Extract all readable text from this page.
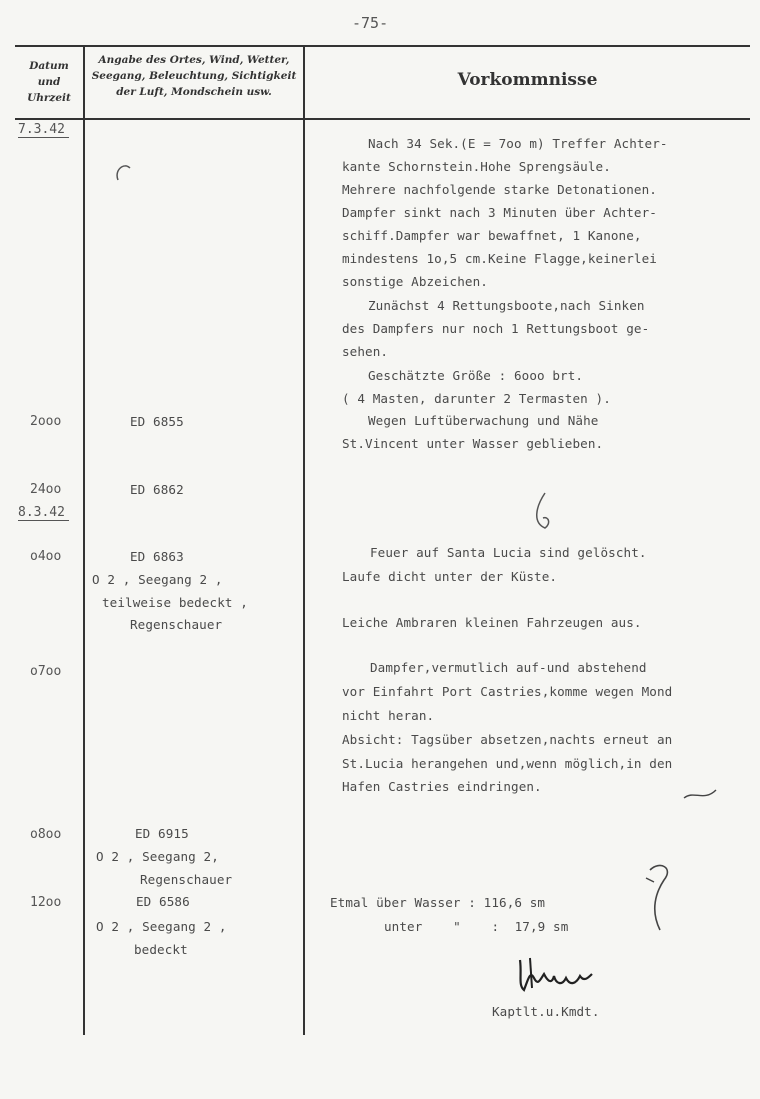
-75-
Datum
und
Uhrzeit
Angabe des Ortes, Wind, Wetter,
Seegang, Beleuchtung, Sichtigkeit
der Luft, Mondschein usw.
Vorkommnisse
7.3.42
8.3.42
2ooo
24oo
o4oo
o7oo
o8oo
12oo
ED 6855
ED 6862
ED 6863
O 2 , Seegang 2 ,
teilweise bedeckt ,
Regenschauer
ED 6915
O 2 , Seegang 2,
Regenschauer
ED 6586
O 2 , Seegang 2 ,
bedeckt
Nach 34 Sek.(E = 7oo m) Treffer Achter-
kante Schornstein.Hohe Sprengsäule.
Mehrere nachfolgende starke Detonationen.
Dampfer sinkt nach 3 Minuten über Achter-
schiff.Dampfer war bewaffnet, 1 Kanone,
mindestens 1o,5 cm.Keine Flagge,keinerlei
sonstige Abzeichen.
Zunächst 4 Rettungsboote,nach Sinken
des Dampfers nur noch 1 Rettungsboot ge-
sehen.
Geschätzte Größe : 6ooo brt.
( 4 Masten, darunter 2 Termasten ).
Wegen Luftüberwachung und Nähe
St.Vincent unter Wasser geblieben.
Feuer auf Santa Lucia sind gelöscht.
Laufe dicht unter der Küste.
Leiche Ambraren kleinen Fahrzeugen aus.
Dampfer,vermutlich auf-und abstehend
vor Einfahrt Port Castries,komme wegen Mond
nicht heran.
Absicht: Tagsüber absetzen,nachts erneut an
St.Lucia herangehen und,wenn möglich,in den
Hafen Castries eindringen.
Etmal über Wasser : 116,6 sm
unter    "    :  17,9 sm
Kaptlt.u.Kmdt.
